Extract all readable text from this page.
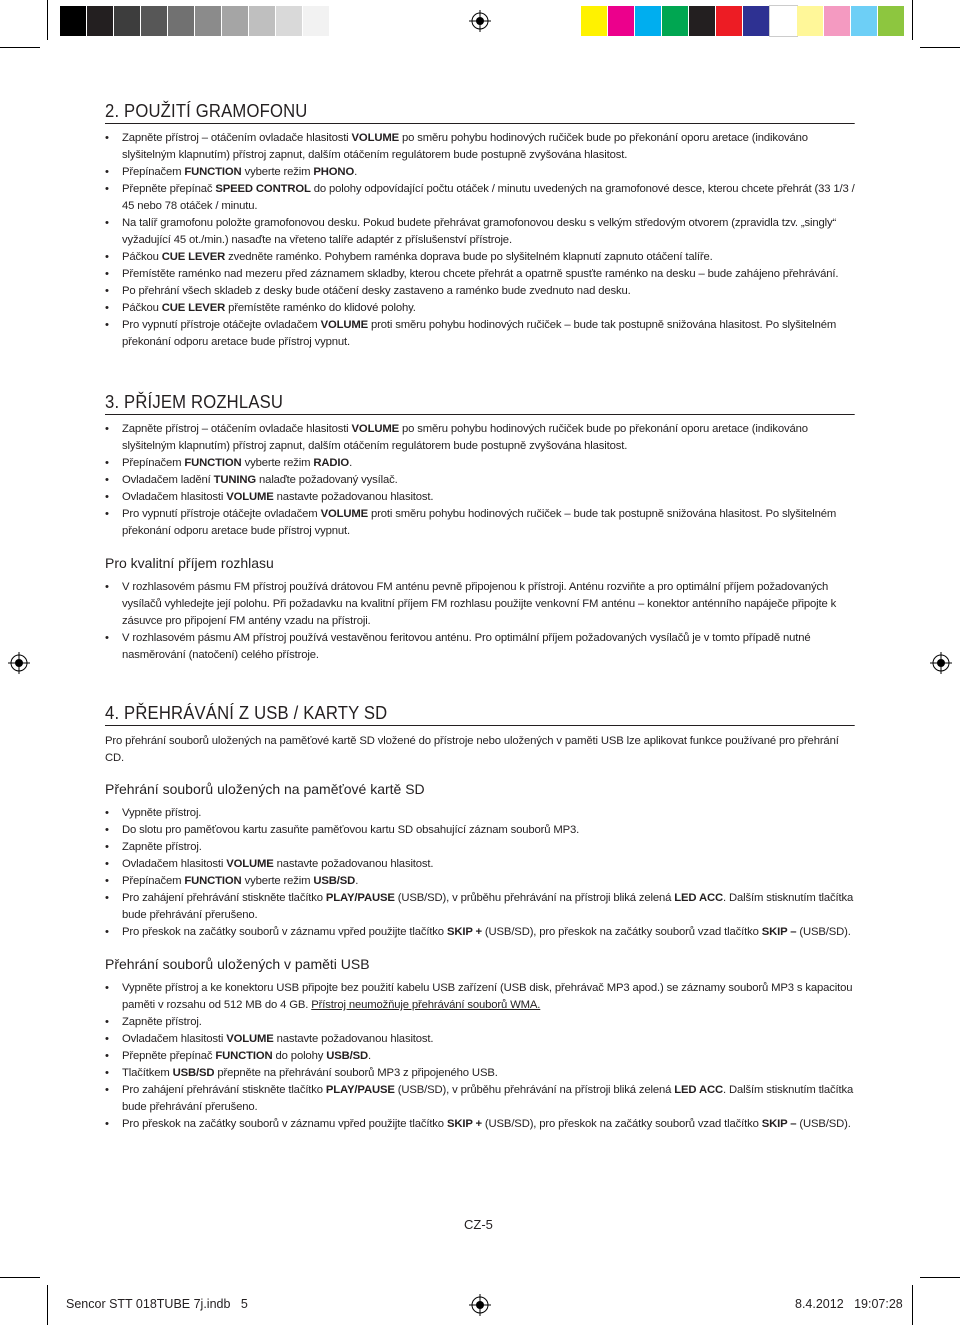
2. POUŽITÍ GRAMOFONU
• Zapněte přístroj – otáčením ovladače hlasitosti VOLUME po směru pohybu hodinových ručiček bude po překonání oporu aretace (indikováno slyšitelným klapnutím) přístroj zapnut, dalším otáčením regulátorem bude postupně zvyšována hlasitost.
• Přepínačem FUNCTION vyberte režim PHONO.
• Přepněte přepínač SPEED CONTROL do polohy odpovídající počtu otáček / minutu uvedených na gramofonové desce, kterou chcete přehrát (33 1/3 / 45 nebo 78 otáček / minutu.
• Na talíř gramofonu položte gramofonovou desku. Pokud budete přehrávat gramofonovou desku s velkým středovým otvorem (zpravidla tzv. „singly“ vyžadující 45 ot./min.) nasaďte na vřeteno talíře adaptér z příslušenství přístroje.
• Páčkou CUE LEVER zvedněte raménko. Pohybem raménka doprava bude po slyšitelném klapnutí zapnuto otáčení talíře.
• Přemístěte raménko nad mezeru před záznamem skladby, kterou chcete přehrát a opatrně spusťte raménko na desku – bude zahájeno přehrávání.
• Po přehrání všech skladeb z desky bude otáčení desky zastaveno a raménko bude zvednuto nad desku.
• Páčkou CUE LEVER přemístěte raménko do klidové polohy.
• Pro vypnutí přístroje otáčejte ovladačem VOLUME proti směru pohybu hodinových ručiček – bude tak postupně snižována hlasitost. Po slyšitelném překonání odporu aretace bude přístroj vypnut.
3. PŘÍJEM ROZHLASU
• Zapněte přístroj – otáčením ovladače hlasitosti VOLUME po směru pohybu hodinových ručiček bude po překonání oporu aretace (indikováno slyšitelným klapnutím) přístroj zapnut, dalším otáčením regulátorem bude postupně zvyšována hlasitost.
• Přepínačem FUNCTION vyberte režim RADIO.
• Ovladačem ladění TUNING nalaďte požadovaný vysílač.
• Ovladačem hlasitosti VOLUME nastavte požadovanou hlasitost.
• Pro vypnutí přístroje otáčejte ovladačem VOLUME proti směru pohybu hodinových ručiček – bude tak postupně snižována hlasitost. Po slyšitelném překonání odporu aretace bude přístroj vypnut.
Pro kvalitní příjem rozhlasu
• V rozhlasovém pásmu FM přístroj používá drátovou FM anténu pevně připojenou k přístroji. Anténu rozviňte a pro optimální příjem požadovaných vysílačů vyhledejte její polohu. Při požadavku na kvalitní příjem FM rozhlasu použijte venkovní FM anténu – konektor anténního napáječe připojte k zásuvce pro připojení FM antény vzadu na přístroji.
• V rozhlasovém pásmu AM přístroj používá vestavěnou feritovou anténu. Pro optimální příjem požadovaných vysílačů je v tomto případě nutné nasměrování (natočení) celého přístroje.
4. PŘEHRÁVÁNÍ Z USB / KARTY SD

Pro přehrání souborů uložených na paměťové kartě SD vložené do přístroje nebo uložených v paměti USB lze aplikovat funkce používané pro přehrání CD.

Přehrání souborů uložených na paměťové kartě SD
• Vypněte přístroj.
• Do slotu pro paměťovou kartu zasuňte paměťovou kartu SD obsahující záznam souborů MP3.
• Zapněte přístroj.
• Ovladačem hlasitosti VOLUME nastavte požadovanou hlasitost.
• Přepínačem FUNCTION vyberte režim USB/SD.
• Pro zahájení přehrávání stiskněte tlačítko PLAY/PAUSE (USB/SD), v průběhu přehrávání na přístroji bliká zelená LED ACC. Dalším stisknutím tlačítka bude přehrávání přerušeno.
• Pro přeskok na začátky souborů v záznamu vpřed použijte tlačítko SKIP + (USB/SD), pro přeskok na začátky souborů vzad tlačítko SKIP – (USB/SD).
Přehrání souborů uložených v paměti USB
• Vypněte přístroj a ke konektoru USB připojte bez použití kabelu USB zařízení (USB disk, přehrávač MP3 apod.) se záznamy souborů MP3 s kapacitou paměti v rozsahu od 512 MB do 4 GB. Přístroj neumožňuje přehrávání souborů WMA.
• Zapněte přístroj.
• Ovladačem hlasitosti VOLUME nastavte požadovanou hlasitost.
• Přepněte přepínač FUNCTION do polohy USB/SD.
• Tlačítkem USB/SD přepněte na přehrávání souborů MP3 z připojeného USB.
• Pro zahájení přehrávání stiskněte tlačítko PLAY/PAUSE (USB/SD), v průběhu přehrávání na přístroji bliká zelená LED ACC. Dalším stisknutím tlačítka bude přehrávání přerušeno.
• Pro přeskok na začátky souborů v záznamu vpřed použijte tlačítko SKIP + (USB/SD), pro přeskok na začátky souborů vzad tlačítko SKIP – (USB/SD).
CZ-5
Sencor STT 018TUBE 7j.indb   5	8.4.2012   19:07:28
